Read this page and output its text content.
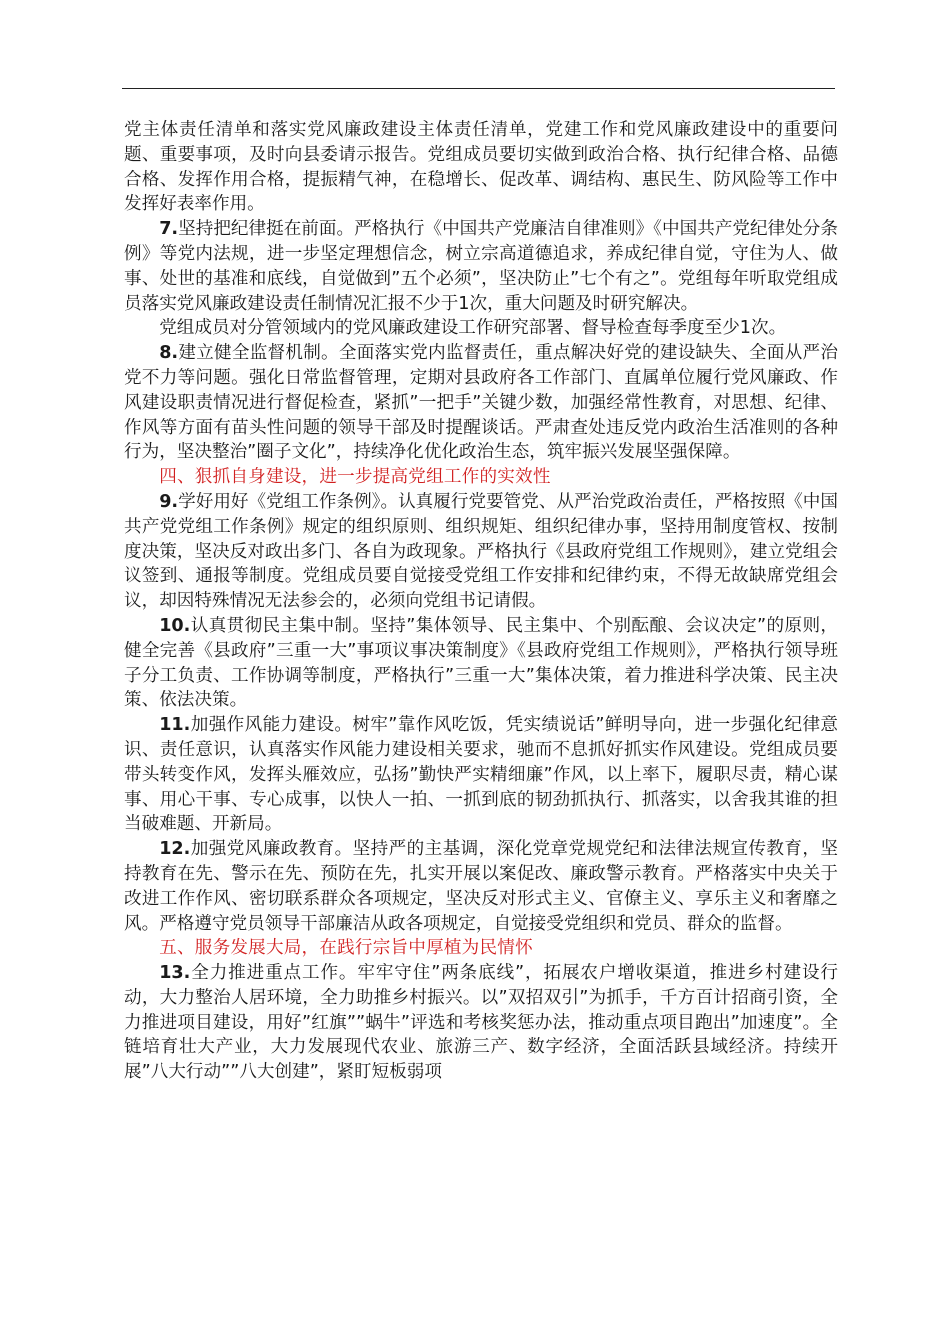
党主体责任清单和落实党风廉政建设主体责任清单，党建工作和党风廉政建设中的重要问题、重要事项，及时向县委请示报告。党组成员要切实做到政治合格、执行纪律合格、品德合格、发挥作用合格，提振精气神，在稳增长、促改革、调结构、惠民生、防风险等工作中发挥好表率作用。

7.坚持把纪律挺在前面。严格执行《中国共产党廉洁自律准则》《中国共产党纪律处分条例》等党内法规，进一步坚定理想信念，树立宗高道德追求，养成纪律自觉，守住为人、做事、处世的基准和底线，自觉做到”五个必须”，坚决防止”七个有之”。党组每年听取党组成员落实党风廉政建设责任制情况汇报不少于1次，重大问题及时研究解决。

党组成员对分管领域内的党风廉政建设工作研究部署、督导检查每季度至少1次。

8.建立健全监督机制。全面落实党内监督责任，重点解决好党的建设缺失、全面从严治党不力等问题。强化日常监督管理，定期对县政府各工作部门、直属单位履行党风廉政、作风建设职责情况进行督促检查，紧抓”一把手”关键少数，加强经常性教育，对思想、纪律、作风等方面有苗头性问题的领导干部及时提醒谈话。严肃查处违反党内政治生活准则的各种行为，坚决整治”圈子文化”，持续净化优化政治生态，筑牢振兴发展坚强保障。

四、狠抓自身建设，进一步提高党组工作的实效性

9.学好用好《党组工作条例》。认真履行党要管党、从严治党政治责任，严格按照《中国共产党党组工作条例》规定的组织原则、组织规矩、组织纪律办事，坚持用制度管权、按制度决策，坚决反对政出多门、各自为政现象。严格执行《县政府党组工作规则》，建立党组会议签到、通报等制度。党组成员要自觉接受党组工作安排和纪律约束，不得无故缺席党组会议，却因特殊情况无法参会的，必须向党组书记请假。

10.认真贯彻民主集中制。坚持”集体领导、民主集中、个别酝酿、会议决定”的原则，健全完善《县政府”三重一大”事项议事决策制度》《县政府党组工作规则》，严格执行领导班子分工负责、工作协调等制度，严格执行”三重一大”集体决策，着力推进科学决策、民主决策、依法决策。

11.加强作风能力建设。树牢”靠作风吃饭，凭实绩说话”鲜明导向，进一步强化纪律意识、责任意识，认真落实作风能力建设相关要求，驰而不息抓好抓实作风建设。党组成员要带头转变作风，发挥头雁效应，弘扬”勤快严实精细廉”作风，以上率下，履职尽责，精心谋事、用心干事、专心成事，以快人一拍、一抓到底的韧劲抓执行、抓落实，以舍我其谁的担当破难题、开新局。

12.加强党风廉政教育。坚持严的主基调，深化党章党规党纪和法律法规宣传教育，坚持教育在先、警示在先、预防在先，扎实开展以案促改、廉政警示教育。严格落实中央关于改进工作作风、密切联系群众各项规定，坚决反对形式主义、官僚主义、享乐主义和奢靡之风。严格遵守党员领导干部廉洁从政各项规定，自觉接受党组织和党员、群众的监督。

五、服务发展大局，在践行宗旨中厚植为民情怀

13.全力推进重点工作。牢牢守住”两条底线”，拓展农户增收渠道，推进乡村建设行动，大力整治人居环境，全力助推乡村振兴。以”双招双引”为抓手，千方百计招商引资，全力推进项目建设，用好”红旗””蜗牛”评选和考核奖惩办法，推动重点项目跑出”加速度”。全链培育壮大产业，大力发展现代农业、旅游三产、数字经济，全面活跃县域经济。持续开展”八大行动””八大创建”，紧盯短板弱项
